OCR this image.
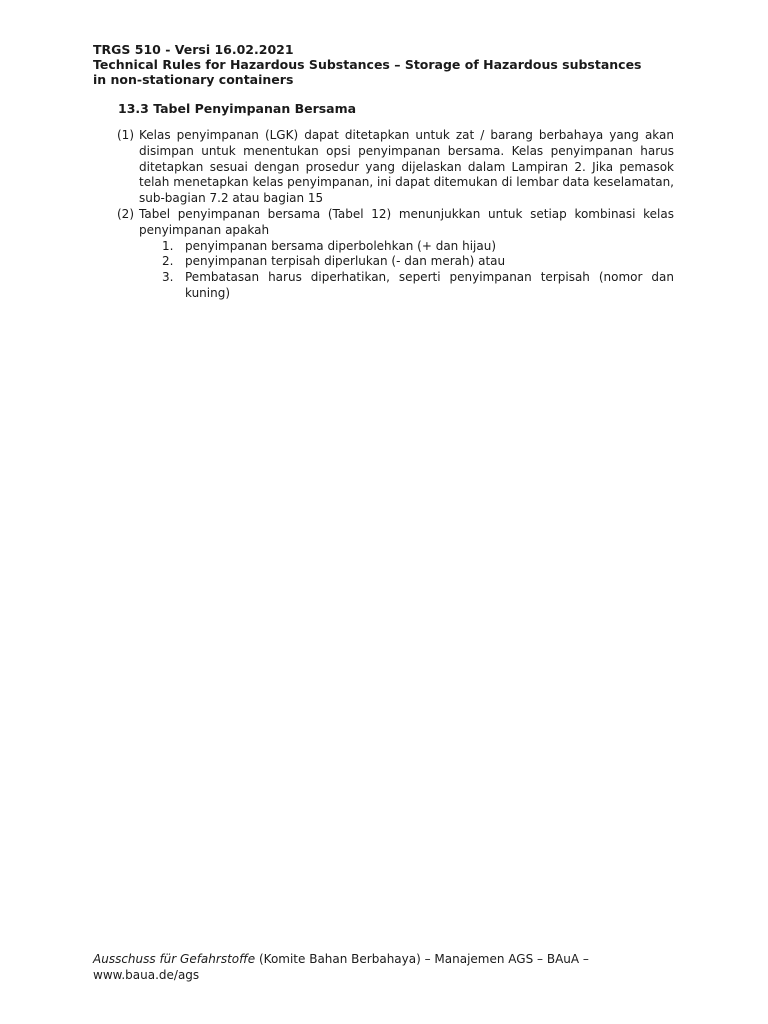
TRGS 510 - Versi 16.02.2021
Technical Rules for Hazardous Substances – Storage of Hazardous substances
in non-stationary containers
13.3 Tabel Penyimpanan Bersama
(1) Kelas penyimpanan (LGK) dapat ditetapkan untuk zat / barang berbahaya yang akan disimpan untuk menentukan opsi penyimpanan bersama. Kelas penyimpanan harus ditetapkan sesuai dengan prosedur yang dijelaskan dalam Lampiran 2. Jika pemasok telah menetapkan kelas penyimpanan, ini dapat ditemukan di lembar data keselamatan, sub-bagian 7.2 atau bagian 15
(2) Tabel penyimpanan bersama (Tabel 12) menunjukkan untuk setiap kombinasi kelas penyimpanan apakah
1. penyimpanan bersama diperbolehkan (+ dan hijau)
2. penyimpanan terpisah diperlukan (- dan merah) atau
3. Pembatasan harus diperhatikan, seperti penyimpanan terpisah (nomor dan kuning)
Ausschuss für Gefahrstoffe (Komite Bahan Berbahaya) – Manajemen AGS – BAuA –
www.baua.de/ags
